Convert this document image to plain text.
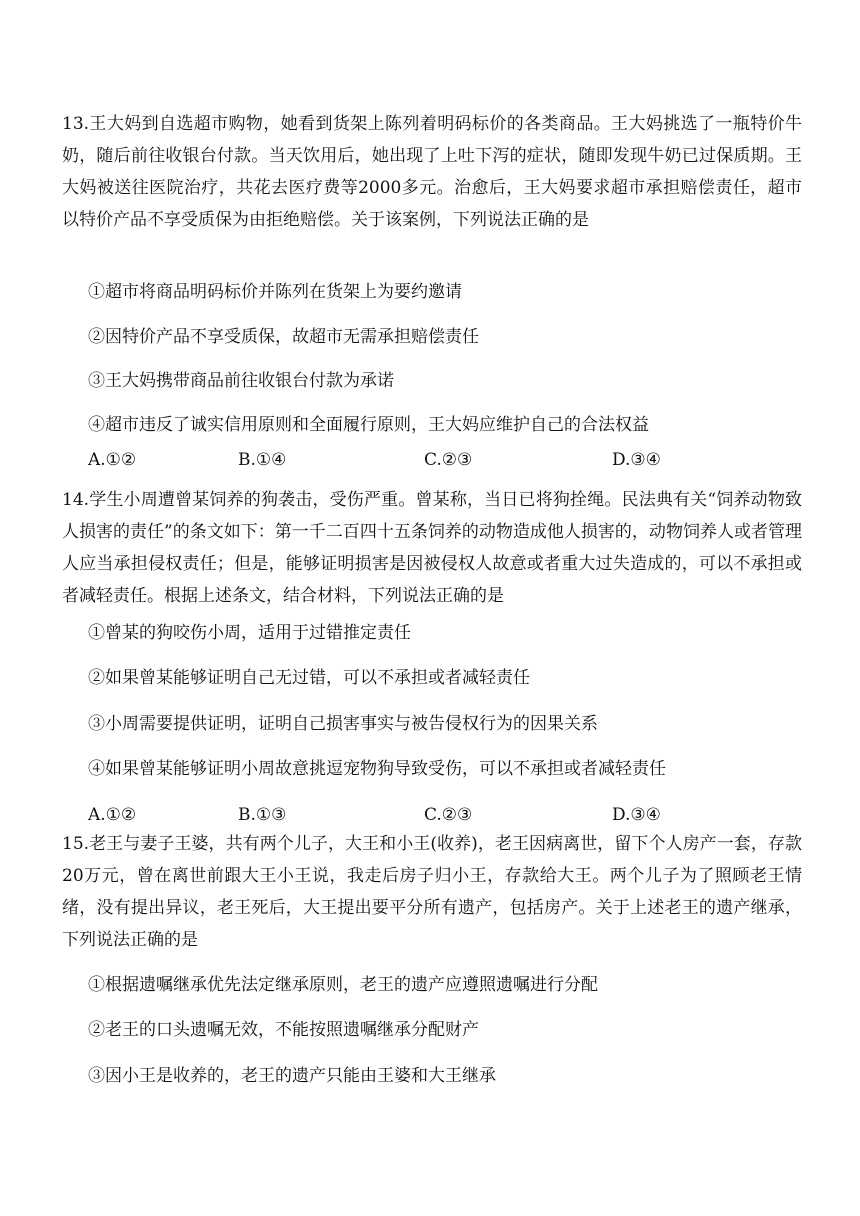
13.王大妈到自选超市购物，她看到货架上陈列着明码标价的各类商品。王大妈挑选了一瓶特价牛奶，随后前往收银台付款。当天饮用后，她出现了上吐下泻的症状，随即发现牛奶已过保质期。王大妈被送往医院治疗，共花去医疗费等2000多元。治愈后，王大妈要求超市承担赔偿责任，超市以特价产品不享受质保为由拒绝赔偿。关于该案例，下列说法正确的是
①超市将商品明码标价并陈列在货架上为要约邀请
②因特价产品不享受质保，故超市无需承担赔偿责任
③王大妈携带商品前往收银台付款为承诺
④超市违反了诚实信用原则和全面履行原则，王大妈应维护自己的合法权益
A.①②	B.①④	C.②③	D.③④
14.学生小周遭曾某饲养的狗袭击，受伤严重。曾某称，当日已将狗拴绳。民法典有关“饲养动物致人损害的责任”的条文如下：第一千二百四十五条饲养的动物造成他人损害的，动物饲养人或者管理人应当承担侵权责任；但是，能够证明损害是因被侵权人故意或者重大过失造成的，可以不承担或者减轻责任。根据上述条文，结合材料，下列说法正确的是
①曾某的狗咬伤小周，适用于过错推定责任
②如果曾某能够证明自己无过错，可以不承担或者减轻责任
③小周需要提供证明，证明自己损害事实与被告侵权行为的因果关系
④如果曾某能够证明小周故意挑逗宠物狗导致受伤，可以不承担或者减轻责任
A.①②	B.①③	C.②③	D.③④
15.老王与妻子王婆，共有两个儿子，大王和小王(收养)，老王因病离世，留下个人房产一套，存款20万元，曾在离世前跟大王小王说，我走后房子归小王，存款给大王。两个儿子为了照顾老王情绪，没有提出异议，老王死后，大王提出要平分所有遗产，包括房产。关于上述老王的遗产继承，下列说法正确的是
①根据遗嘱继承优先法定继承原则，老王的遗产应遵照遗嘱进行分配
②老王的口头遗嘱无效，不能按照遗嘱继承分配财产
③因小王是收养的，老王的遗产只能由王婆和大王继承
